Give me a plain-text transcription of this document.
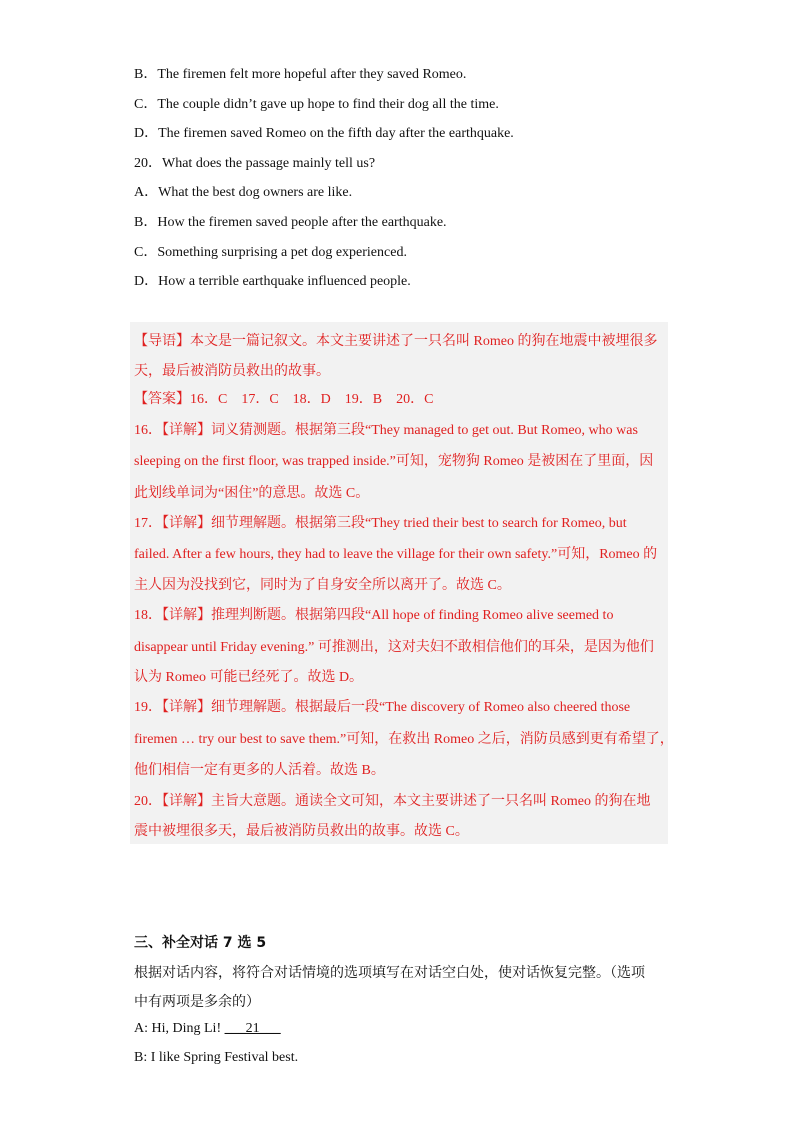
B．The firemen felt more hopeful after they saved Romeo.
C．The couple didn’t gave up hope to find their dog all the time.
D．The firemen saved Romeo on the fifth day after the earthquake.
20．What does the passage mainly tell us?
A．What the best dog owners are like.
B．How the firemen saved people after the earthquake.
C．Something surprising a pet dog experienced.
D．How a terrible earthquake influenced people.
【导语】本文是一篇记叙文。本文主要讲述了一只名叫 Romeo 的狗在地震中被埋很多
天，最后被消防员救出的故事。
【答案】16．C　17．C　18．D　19．B　20．C
16．【详解】词义猜测题。根据第三段“They managed to get out. But Romeo, who was
sleeping on the first floor, was trapped inside.”可知，宠物狗 Romeo 是被困在了里面，因
此划线单词为“困住”的意思。故选 C。
17．【详解】细节理解题。根据第三段“They tried their best to search for Romeo, but
failed. After a few hours, they had to leave the village for their own safety.”可知，Romeo 的
主人因为没找到它，同时为了自身安全所以离开了。故选 C。
18．【详解】推理判断题。根据第四段“All hope of finding Romeo alive seemed to
disappear until Friday evening.” 可推测出，这对夫妇不敢相信他们的耳朵，是因为他们
认为 Romeo 可能已经死了。故选 D。
19．【详解】细节理解题。根据最后一段“The discovery of Romeo also cheered those
firemen … try our best to save them.”可知，在救出 Romeo 之后，消防员感到更有希望了，
他们相信一定有更多的人活着。故选 B。
20．【详解】主旨大意题。通读全文可知，本文主要讲述了一只名叫 Romeo 的狗在地
震中被埋很多天，最后被消防员救出的故事。故选 C。
三、补全对话 7 选 5
根据对话内容，将符合对话情境的选项填写在对话空白处，使对话恢复完整。（选项
中有两项是多余的）
A: Hi, Ding Li! ___21___
B: I like Spring Festival best.
